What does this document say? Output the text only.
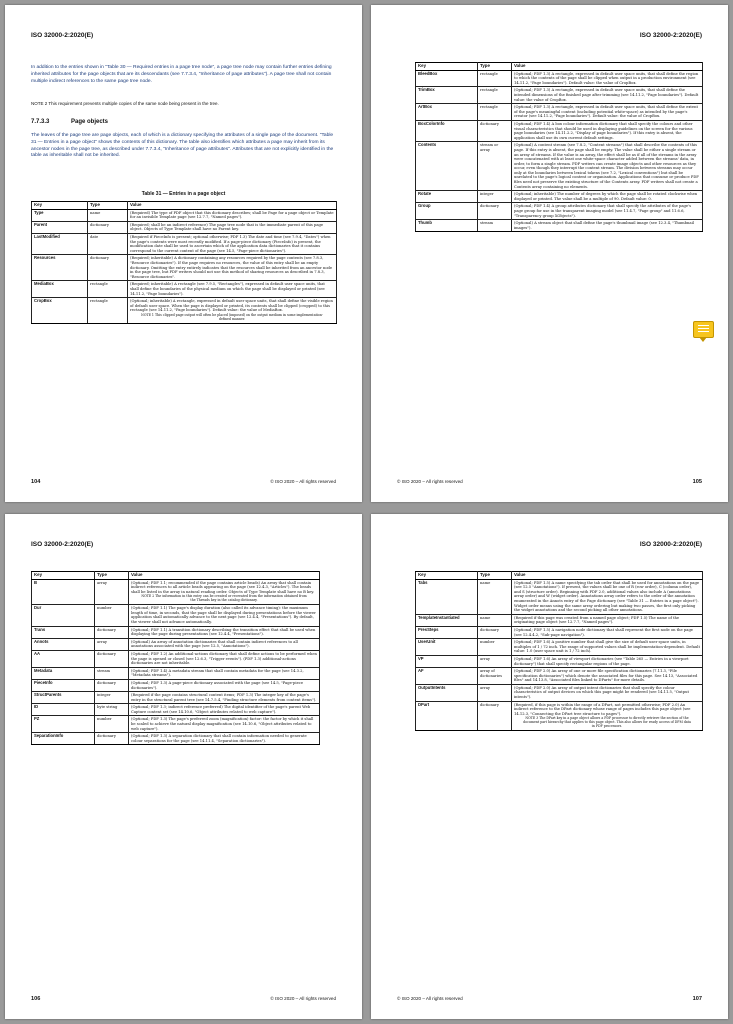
ISO 32000-2:2020(E)
In addition to the entries shown in "Table 30 — Required entries in a page tree node", a page tree node may contain further entries defining inherited attributes for the page objects that are its descendants (see 7.7.3.4, "Inheritance of page attributes"). A page tree shall not contain multiple indirect references to the same page tree node.
NOTE 2 This requirement prevents multiple copies of the same node being present in the tree.
7.7.3.3	Page objects
The leaves of the page tree are page objects, each of which is a dictionary specifying the attributes of a single page of the document. "Table 31 — Entries in a page object" shows the contents of this dictionary. The table also identifies which attributes a page may inherit from its ancestor nodes in the page tree, as described under 7.7.3.4, "Inheritance of page attributes". Attributes that are not explicitly identified in the table as inheritable shall not be inherited.
Table 31 — Entries in a page object
Key	Type	Value
Type	name	(Required) The type of PDF object that this dictionary describes; shall be Page for a page object or Template for an invisible Template page (see 12.7.7, "Named pages").
Parent	dictionary	(Required; shall be an indirect reference) The page tree node that is the immediate parent of this page object. Objects of Type Template shall have no Parent key.
LastModified	date	(Required if PieceInfo is present; optional otherwise; PDF 1.3) The date and time (see 7.9.4, "Dates") when the page's contents were most recently modified. If a page-piece dictionary (PieceInfo) is present, the modification date shall be used to ascertain which of the application data dictionaries that it contains correspond to the current content of the page (see 14.5, "Page-piece dictionaries").
Resources	dictionary	(Required; inheritable) A dictionary containing any resources required by the page contents (see 7.8.3, "Resource dictionaries"). If the page requires no resources, the value of this entry shall be an empty dictionary. Omitting the entry entirely indicates that the resources shall be inherited from an ancestor node in the page tree, but PDF writers should not use this method of sharing resources as described in 7.8.3, "Resource dictionaries".
MediaBox	rectangle	(Required; inheritable) A rectangle (see 7.9.5, "Rectangles"), expressed in default user space units, that shall define the boundaries of the physical medium on which the page shall be displayed or printed (see 14.11.2, "Page boundaries").
CropBox	rectangle	(Optional; inheritable) A rectangle, expressed in default user space units, that shall define the visible region of default user space. When the page is displayed or printed, its contents shall be clipped (cropped) to this rectangle (see 14.11.2, "Page boundaries"). Default value: the value of MediaBox.
NOTE 1 This clipped page output will often be placed (imposed) on the output medium in some implementation-defined manner.
104	© ISO 2020 – All rights reserved
ISO 32000-2:2020(E)
Key	Type	Value
BleedBox	rectangle	(Optional; PDF 1.3) A rectangle, expressed in default user space units, that shall define the region to which the contents of the page shall be clipped when output in a production environment (see 14.11.2, "Page boundaries"). Default value: the value of CropBox.
TrimBox	rectangle	(Optional; PDF 1.3) A rectangle, expressed in default user space units, that shall define the intended dimensions of the finished page after trimming (see 14.11.2, "Page boundaries"). Default value: the value of CropBox.
ArtBox	rectangle	(Optional; PDF 1.3) A rectangle, expressed in default user space units, that shall define the extent of the page's meaningful content (including potential white-space) as intended by the page's creator (see 14.11.2, "Page boundaries"). Default value: the value of CropBox.
BoxColorInfo	dictionary	(Optional; PDF 1.4) A box colour information dictionary that shall specify the colours and other visual characteristics that should be used in displaying guidelines on the screen for the various page boundaries (see 14.11.2.2, "Display of page boundaries"). If this entry is absent, the application shall use its own current default settings.
Contents	stream or array	(Optional) A content stream (see 7.8.2, "Content streams") that shall describe the contents of this page. If this entry is absent, the page shall be empty. The value shall be either a single stream or an array of streams. If the value is an array, the effect shall be as if all of the streams in the array were concatenated with at least one white-space character added between the streams' data, in order, to form a single stream. PDF writers can create image objects and other resources as they occur, even though they interrupt the content stream. The division between streams may occur only at the boundaries between lexical tokens (see 7.2, "Lexical conventions") but shall be unrelated to the page's logical content or organisation. Applications that consume or produce PDF files need not preserve the existing structure of the Contents array. PDF writers shall not create a Contents array containing no elements.
Rotate	integer	(Optional; inheritable) The number of degrees by which the page shall be rotated clockwise when displayed or printed. The value shall be a multiple of 90. Default value: 0.
Group	dictionary	(Optional; PDF 1.4) A group attributes dictionary that shall specify the attributes of the page's page group for use in the transparent imaging model (see 11.4.7, "Page group" and 11.6.6, "Transparency group XObjects").
Thumb	stream	(Optional) A stream object that shall define the page's thumbnail image (see 12.3.4, "Thumbnail images").
105
© ISO 2020 – All rights reserved
ISO 32000-2:2020(E)
Key	Type	Value
B	array	(Optional; PDF 1.1; recommended if the page contains article beads) An array that shall contain indirect references to all article beads appearing on the page (see 12.4.3, "Articles"). The beads shall be listed in the array in natural reading order. Objects of Type Template shall have no B key.
NOTE 2 The information in this entry can be created or recreated from the information obtained from the Threads key in the catalog dictionary.

Dur	number	(Optional; PDF 1.1) The page's display duration (also called its advance timing): the maximum length of time, in seconds, that the page shall be displayed during presentations before the viewer application shall automatically advance to the next page (see 12.4.4, "Presentations"). By default, the viewer shall not advance automatically.
Trans	dictionary	(Optional; PDF 1.1) A transition dictionary describing the transition effect that shall be used when displaying the page during presentations (see 12.4.4, "Presentations").
Annots	array	(Optional) An array of annotation dictionaries that shall contain indirect references to all annotations associated with the page (see 12.5, "Annotations").
AA	dictionary	(Optional; PDF 1.2) An additional-actions dictionary that shall define actions to be performed when the page is opened or closed (see 12.6.3, "Trigger events"). (PDF 1.3) additional-actions dictionaries are not inheritable.
Metadata	stream	(Optional; PDF 1.4) A metadata stream that shall contain metadata for the page (see 14.3.2, "Metadata streams").
PieceInfo	dictionary	(Optional; PDF 1.3) A page-piece dictionary associated with the page (see 14.5, "Page-piece dictionaries").
StructParents	integer	(Required if the page contains structural content items; PDF 1.3) The integer key of the page's entry in the structural parent tree (see 14.7.5.4, "Finding structure elements from content items").
ID	byte string	(Optional; PDF 1.3; indirect reference preferred) The digital identifier of the page's parent Web Capture content set (see 14.10.6, "Object attributes related to web capture").
PZ	number	(Optional; PDF 1.3) The page's preferred zoom (magnification) factor: the factor by which it shall be scaled to achieve the natural display magnification (see 14.10.6, "Object attributes related to web capture").
SeparationInfo	dictionary	(Optional; PDF 1.3) A separation dictionary that shall contain information needed to generate colour separations for the page (see 14.11.4, "Separation dictionaries").
106	© ISO 2020 – All rights reserved
ISO 32000-2:2020(E)
Key	Type	Value
Tabs	name	(Optional; PDF 1.5) A name specifying the tab order that shall be used for annotations on the page (see 12.5 "Annotations"). If present, the values shall be one of R (row order), C (column order), and S (structure order). Beginning with PDF 2.0, additional values also include A (annotations array order) and W (widget order). Annotations array order refers to the order of the annotation enumerated in the Annots entry of the Page dictionary (see "Table 31 — Entries in a page object"). Widget order means using the same array ordering but making two passes, the first only picking the widget annotations and the second picking all other annotations.
TemplateInstantiated	name	(Required if this page was created from a named page object; PDF 1.5) The name of the originating page object (see 12.7.7, "Named pages").
PresSteps	dictionary	(Optional; PDF 1.5) A navigation node dictionary that shall represent the first node on the page (see 12.4.4.2, "Sub-page navigation").
UserUnit	number	(Optional; PDF 1.6) A positive number that shall give the size of default user space units, in multiples of 1 / 72 inch. The range of supported values shall be implementation-dependent. Default value: 1.0 (user space unit is 1 / 72 inch).
VP	array	(Optional; PDF 1.6) An array of viewport dictionaries (see "Table 265 — Entries in a viewport dictionary") that shall specify rectangular regions of the page.
AF	array of dictionaries	(Optional; PDF 2.0) An array of one or more file specification dictionaries (7.11.3, "File specification dictionaries") which denote the associated files for this page. See 14.13, "Associated files" and 14.13.8, "Associated files linked to DParts" for more details.
OutputIntents	array	(Optional; PDF 2.0) An array of output intent dictionaries that shall specify the colour characteristics of output devices on which this page might be rendered (see 14.11.5, "Output intents").
DPart	dictionary	(Required, if this page is within the range of a DPart, not permitted otherwise; PDF 2.0) An indirect reference to the DPart dictionary whose range of pages includes this page object (see 14.12.3, "Connecting the DPart tree structure to pages").
NOTE 3 The DPart key in a page object allows a PDF processor to directly retrieve the section of the document part hierarchy that applies to this page object. This also allows for ready access of DPM data in PDF processors.
107
© ISO 2020 – All rights reserved
